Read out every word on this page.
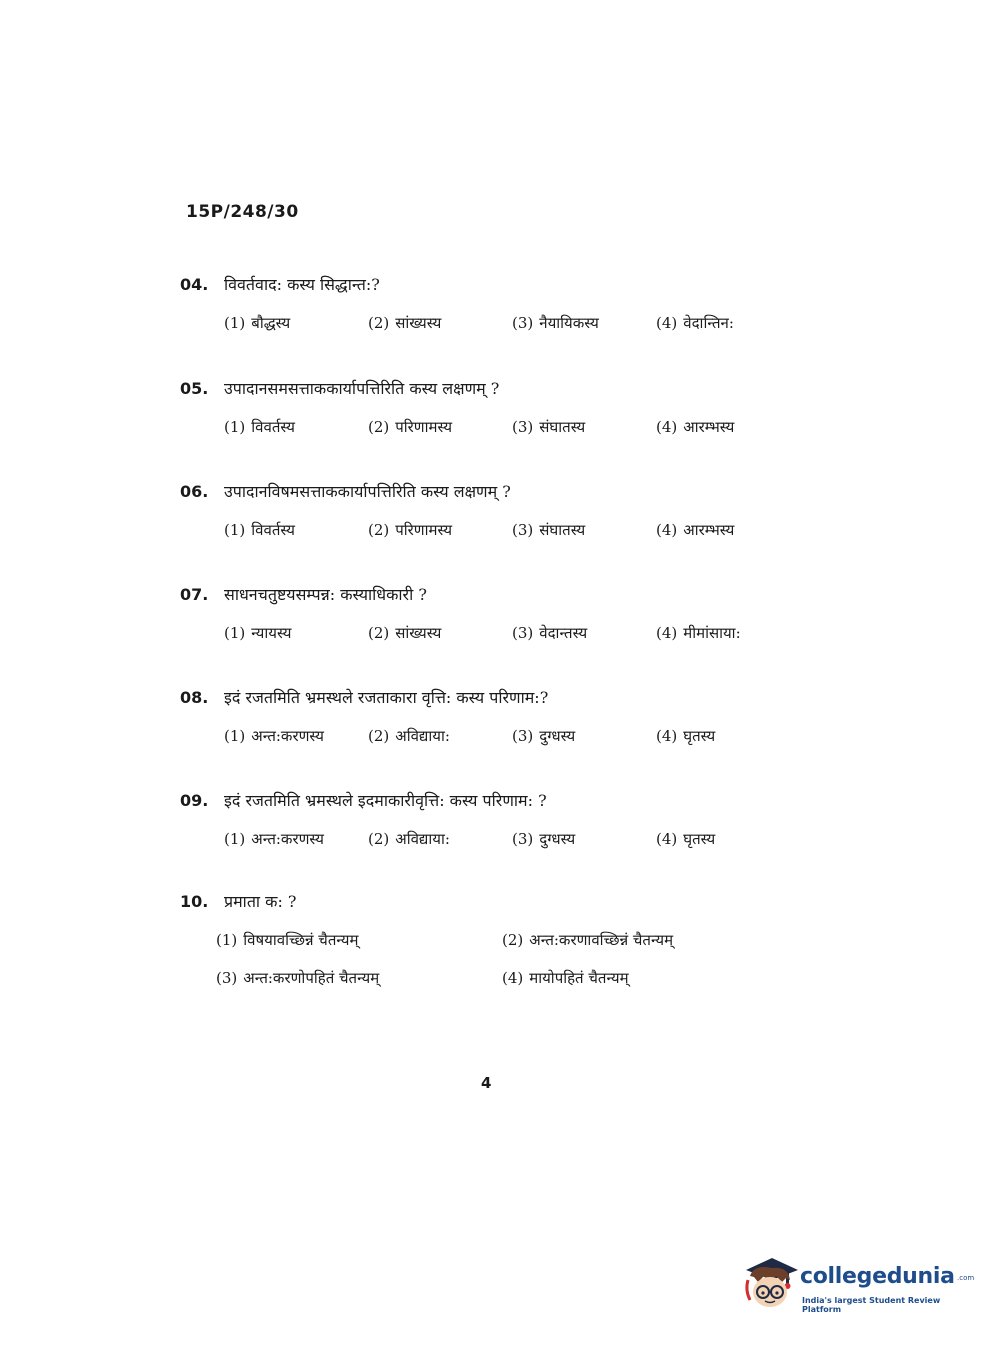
15P/248/30
04. विवर्तवाद: कस्य सिद्धान्त:?
(1) बौद्धस्य	(2) सांख्यस्य	(3) नैयायिकस्य	(4) वेदान्तिन:
05. उपादानसमसत्ताककार्यापत्तिरिति कस्य लक्षणम् ?
(1) विवर्तस्य	(2) परिणामस्य	(3) संघातस्य	(4) आरम्भस्य
06. उपादानविषमसत्ताककार्यापत्तिरिति कस्य लक्षणम् ?
(1) विवर्तस्य	(2) परिणामस्य	(3) संघातस्य	(4) आरम्भस्य
07. साधनचतुष्टयसम्पन्न: कस्याधिकारी ?
(1) न्यायस्य	(2) सांख्यस्य	(3) वेदान्तस्य	(4) मीमांसाया:
08. इदं रजतमिति भ्रमस्थले रजताकारा वृत्ति: कस्य परिणाम:?
(1) अन्त:करणस्य	(2) अविद्याया:	(3) दुग्धस्य	(4) घृतस्य
09. इदं रजतमिति भ्रमस्थले इदमाकारीवृत्ति: कस्य परिणाम: ?
(1) अन्त:करणस्य	(2) अविद्याया:	(3) दुग्धस्य	(4) घृतस्य
10. प्रमाता क: ?
(1) विषयावच्छिन्नं चैतन्यम्	(2) अन्त:करणावच्छिन्नं चैतन्यम्
(3) अन्त:करणोपहितं चैतन्यम्	(4) मायोपहितं चैतन्यम्
4
collegedunia .com
India's largest Student Review Platform
